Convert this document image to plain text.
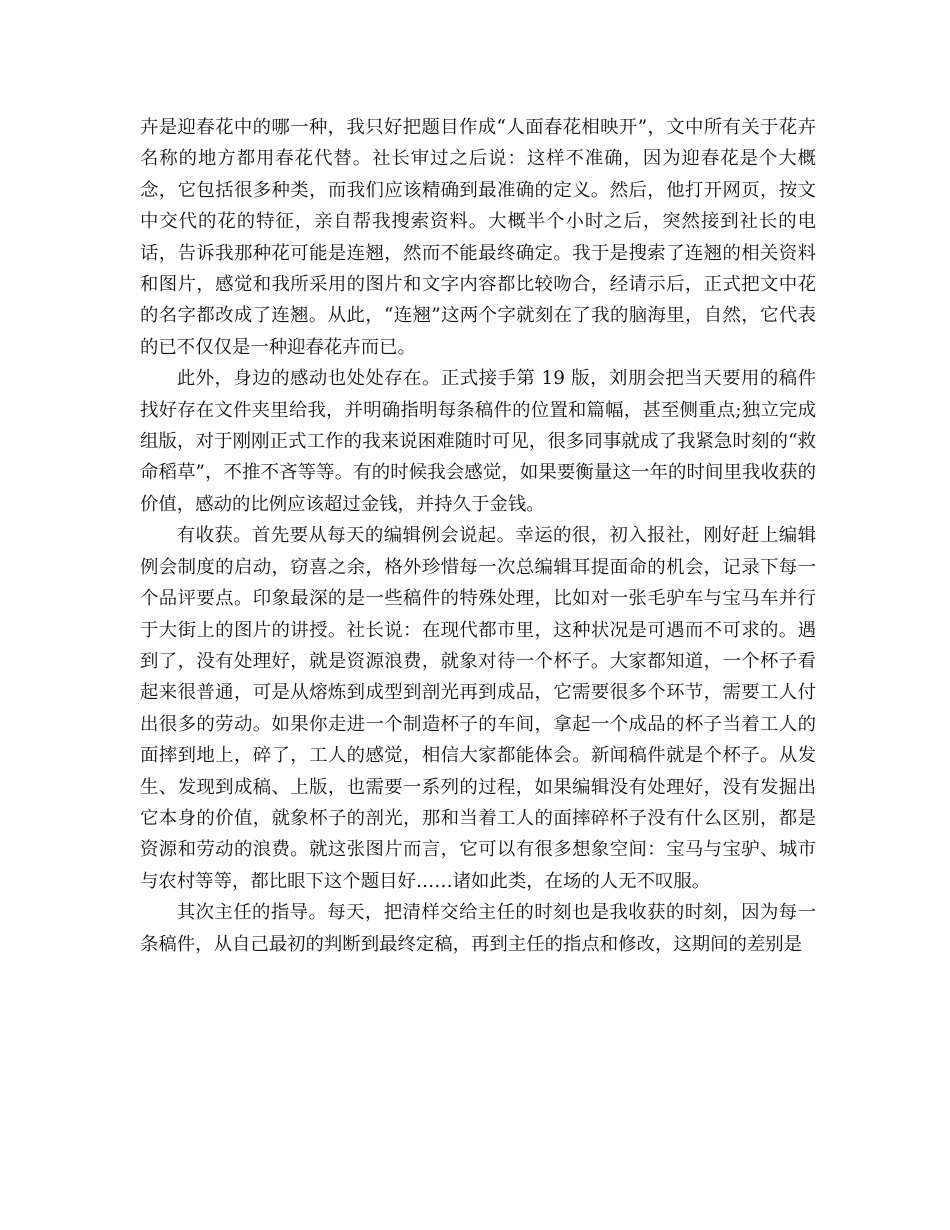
卉是迎春花中的哪一种，我只好把题目作成“人面春花相映开”，文中所有关于花卉名称的地方都用春花代替。社长审过之后说：这样不准确，因为迎春花是个大概念，它包括很多种类，而我们应该精确到最准确的定义。然后，他打开网页，按文中交代的花的特征，亲自帮我搜索资料。大概半个小时之后，突然接到社长的电话，告诉我那种花可能是连翘，然而不能最终确定。我于是搜索了连翘的相关资料和图片，感觉和我所采用的图片和文字内容都比较吻合，经请示后，正式把文中花的名字都改成了连翘。从此，“连翘”这两个字就刻在了我的脑海里，自然，它代表的已不仅仅是一种迎春花卉而已。

此外，身边的感动也处处存在。正式接手第 19 版，刘朋会把当天要用的稿件找好存在文件夹里给我，并明确指明每条稿件的位置和篇幅，甚至侧重点;独立完成组版，对于刚刚正式工作的我来说困难随时可见，很多同事就成了我紧急时刻的“救命稻草”，不推不吝等等。有的时候我会感觉，如果要衡量这一年的时间里我收获的价值，感动的比例应该超过金钱，并持久于金钱。

有收获。首先要从每天的编辑例会说起。幸运的很，初入报社，刚好赶上编辑例会制度的启动，窃喜之余，格外珍惜每一次总编辑耳提面命的机会，记录下每一个品评要点。印象最深的是一些稿件的特殊处理，比如对一张毛驴车与宝马车并行于大街上的图片的讲授。社长说：在现代都市里，这种状况是可遇而不可求的。遇到了，没有处理好，就是资源浪费，就象对待一个杯子。大家都知道，一个杯子看起来很普通，可是从熔炼到成型到剖光再到成品，它需要很多个环节，需要工人付出很多的劳动。如果你走进一个制造杯子的车间，拿起一个成品的杯子当着工人的面摔到地上，碎了，工人的感觉，相信大家都能体会。新闻稿件就是个杯子。从发生、发现到成稿、上版，也需要一系列的过程，如果编辑没有处理好，没有发掘出它本身的价值，就象杯子的剖光，那和当着工人的面摔碎杯子没有什么区别，都是资源和劳动的浪费。就这张图片而言，它可以有很多想象空间：宝马与宝驴、城市与农村等等，都比眼下这个题目好……诸如此类，在场的人无不叹服。

其次主任的指导。每天，把清样交给主任的时刻也是我收获的时刻，因为每一条稿件，从自己最初的判断到最终定稿，再到主任的指点和修改，这期间的差别是
